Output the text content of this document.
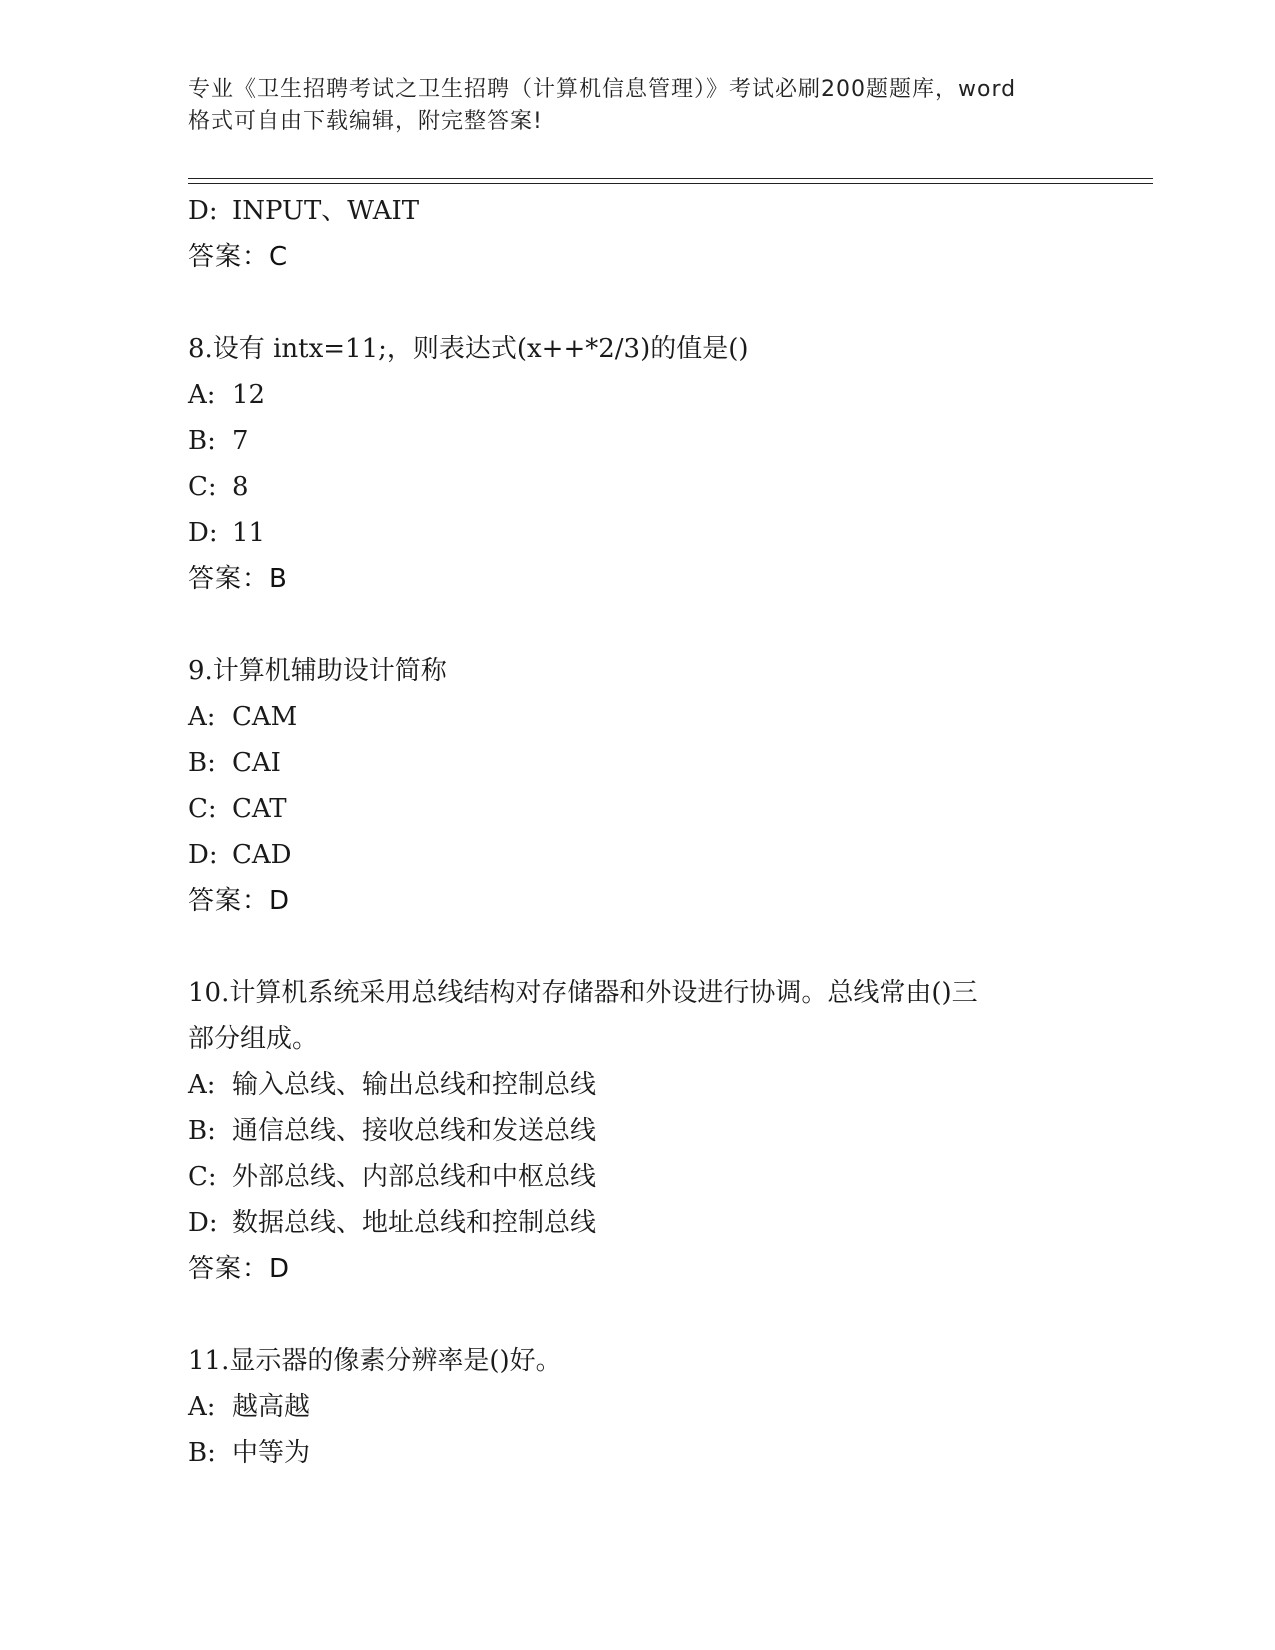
专业《卫生招聘考试之卫生招聘（计算机信息管理）》考试必刷200题题库，word
格式可自由下载编辑，附完整答案!
D: INPUT、WAIT
答案：C
8.设有 intx=11;，则表达式(x++*2/3)的值是()
A: 12
B: 7
C: 8
D: 11
答案：B
9.计算机辅助设计简称
A: CAM
B: CAI
C: CAT
D: CAD
答案：D
10.计算机系统采用总线结构对存储器和外设进行协调。总线常由()三
部分组成。
A: 输入总线、输出总线和控制总线
B: 通信总线、接收总线和发送总线
C: 外部总线、内部总线和中枢总线
D: 数据总线、地址总线和控制总线
答案：D
11.显示器的像素分辨率是()好。
A: 越高越
B: 中等为
